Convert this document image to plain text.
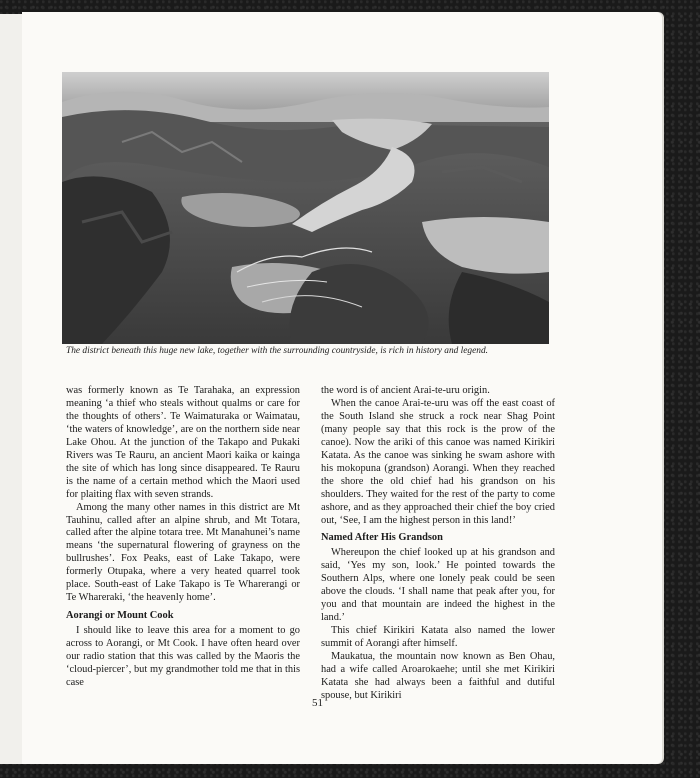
The district beneath this huge new lake, together with the surrounding countryside, is rich in history and legend.

was formerly known as Te Tarahaka, an expression meaning ‘a thief who steals without qualms or care for the thoughts of others’. Te Waimaturaka or Waimatau, ‘the waters of knowledge’, are on the northern side near Lake Ohou. At the junction of the Takapo and Pukaki Rivers was Te Rauru, an ancient Maori kaika or kainga the site of which has long since disappeared. Te Rauru is the name of a certain method which the Maori used for plaiting flax with seven strands.

Among the many other names in this district are Mt Tauhinu, called after an alpine shrub, and Mt Totara, called after the alpine totara tree. Mt Manahunei’s name means ‘the supernatural flowering of grayness on the bullrushes’. Fox Peaks, east of Lake Takapo, were formerly Otupaka, where a very heated quarrel took place. South-east of Lake Takapo is Te Wharerangi or Te Whareraki, ‘the heavenly home’.

Aorangi or Mount Cook

I should like to leave this area for a moment to go across to Aorangi, or Mt Cook. I have often heard over our radio station that this was called by the Maoris the ‘cloud-piercer’, but my grandmother told me that in this case

the word is of ancient Arai-te-uru origin.

When the canoe Arai-te-uru was off the east coast of the South Island she struck a rock near Shag Point (many people say that this rock is the prow of the canoe). Now the ariki of this canoe was named Kirikiri Katata. As the canoe was sinking he swam ashore with his mokopuna (grandson) Aorangi. When they reached the shore the old chief had his grandson on his shoulders. They waited for the rest of the party to come ashore, and as they approached their chief the boy cried out, ‘See, I am the highest person in this land!’

Named After His Grandson

Whereupon the chief looked up at his grandson and said, ‘Yes my son, look.’ He pointed towards the Southern Alps, where one lonely peak could be seen above the clouds. ‘I shall name that peak after you, for you and that mountain are indeed the highest in the land.’

This chief Kirikiri Katata also named the lower summit of Aorangi after himself.

Maukatua, the mountain now known as Ben Ohau, had a wife called Aroarokaehe; until she met Kirikiri Katata she had always been a faithful and dutiful spouse, but Kirikiri

51
